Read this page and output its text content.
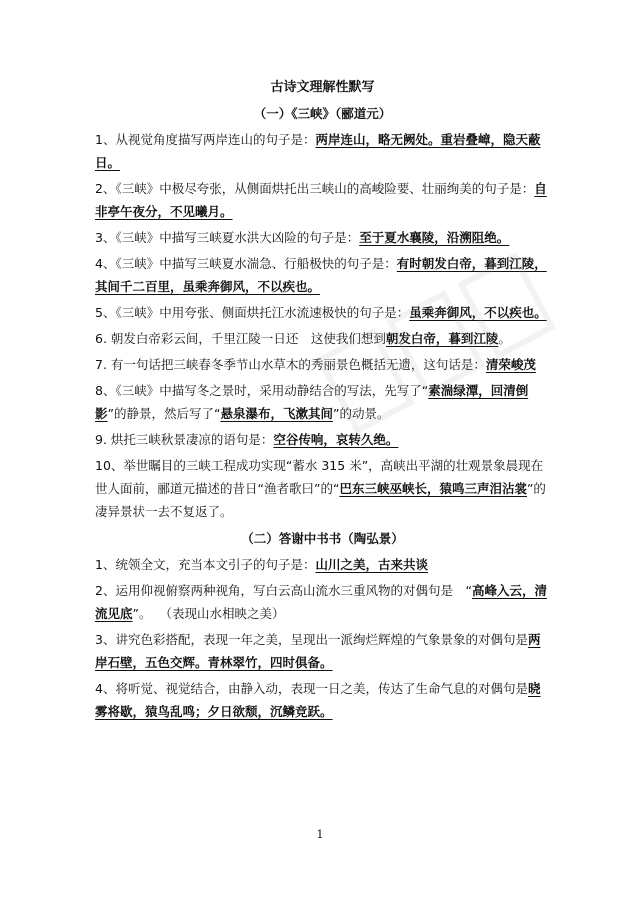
古诗文理解性默写
（一）《三峡》（郦道元）

1、从视觉角度描写两岸连山的句子是：两岸连山，略无阙处。重岩叠嶂，隐天蔽日。

2、《三峡》中极尽夸张，从侧面烘托出三峡山的高峻险要、壮丽绚美的句子是：自非亭午夜分，不见曦月。

3、《三峡》中描写三峡夏水洪大凶险的句子是：至于夏水襄陵，沿溯阻绝。

4、《三峡》中描写三峡夏水湍急、行船极快的句子是：有时朝发白帝，暮到江陵，其间千二百里，虽乘奔御风，不以疾也。

5、《三峡》中用夸张、侧面烘托江水流速极快的句子是：虽乘奔御风，不以疾也。

6. 朝发白帝彩云间，千里江陵一日还　这使我们想到朝发白帝，暮到江陵。

7. 有一句话把三峡春冬季节山水草木的秀丽景色概括无遗，这句话是：清荣峻茂

8、《三峡》中描写冬之景时，采用动静结合的写法，先写了“素湍绿潭，回清倒影”的静景，然后写了“悬泉瀑布，飞漱其间”的动景。

9. 烘托三峡秋景凄凉的语句是：空谷传响，哀转久绝。

10、举世瞩目的三峡工程成功实现“蓄水 315 米”，高峡出平湖的壮观景象晨现在世人面前，郦道元描述的昔日“渔者歌曰”的“巴东三峡巫峡长，猿鸣三声泪沾裳”的凄异景状一去不复返了。

（二）答谢中书书（陶弘景）

1、统领全文，充当本文引子的句子是：山川之美，古来共谈

2、运用仰视俯察两种视角，写白云高山流水三重风物的对偶句是　“高峰入云，清流见底”。 （表现山水相映之美）

3、讲究色彩搭配，表现一年之美，呈现出一派绚烂辉煌的气象景象的对偶句是两岸石壁，五色交辉。青林翠竹，四时俱备。

4、将听觉、视觉结合，由静入动，表现一日之美，传达了生命气息的对偶句是晓雾将歇，猿鸟乱鸣；夕日欲颓，沉鳞竞跃。

1
